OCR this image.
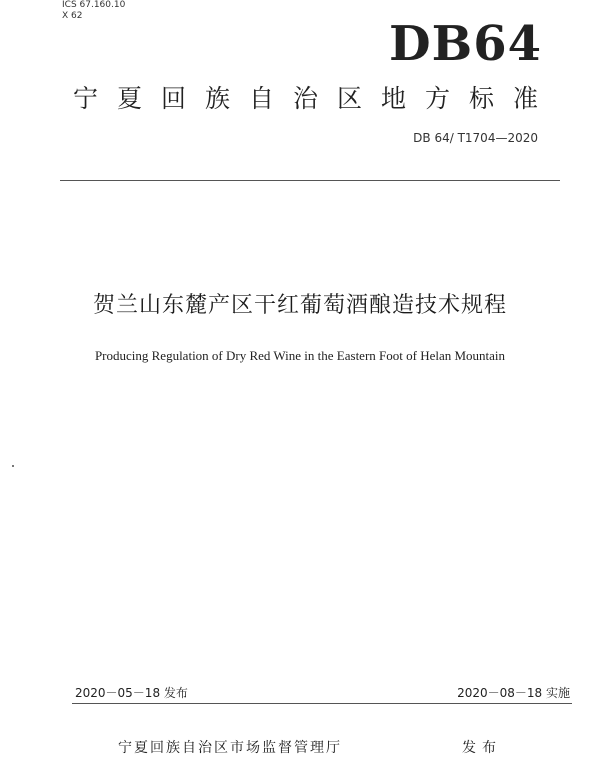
ICS 67.160.10
X 62	DB64
宁夏回族自治区地方标准
DB 64/ T1704—2020
贺兰山东麓产区干红葡萄酒酿造技术规程
Producing Regulation of Dry Red Wine in the Eastern Foot of Helan Mountain
2020－05－18 发布	2020－08－18 实施
宁夏回族自治区市场监督管理厅	发布
